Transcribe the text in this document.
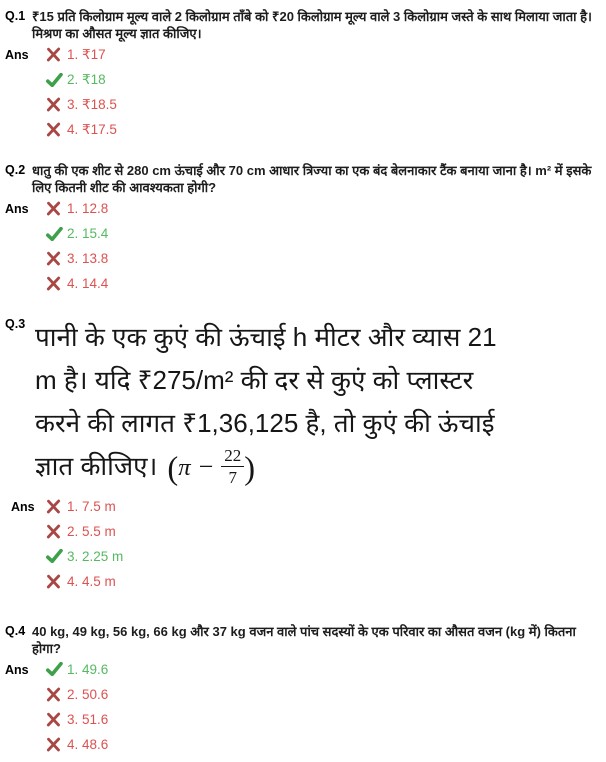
Q.1 ₹15 प्रति किलोग्राम मूल्य वाले 2 किलोग्राम ताँबे को ₹20 किलोग्राम मूल्य वाले 3 किलोग्राम जस्ते के साथ मिलाया जाता है। मिश्रण का औसत मूल्य ज्ञात कीजिए।
Ans	1. ₹17
2. ₹18
3. ₹18.5
4. ₹17.5
Q.2 धातु की एक शीट से 280 cm ऊंचाई और 70 cm आधार त्रिज्या का एक बंद बेलनाकार टैंक बनाया जाना है। m² में इसके लिए कितनी शीट की आवश्यकता होगी?
Ans	1. 12.8
2. 15.4
3. 13.8
4. 14.4
Q.3 पानी के एक कुएं की ऊंचाई h मीटर और व्यास 21
m है। यदि ₹275/m² की दर से कुएं को प्लास्टर
करने की लागत ₹1,36,125 है, तो कुएं की ऊंचाई
ज्ञात कीजिए। ($\pi - \frac{22}{7}$ )
Ans	1. 7.5 m
2. 5.5 m
3. 2.25 m
4. 4.5 m
Q.4 40 kg, 49 kg, 56 kg, 66 kg और 37 kg वजन वाले पांच सदस्यों के एक परिवार का औसत वजन (kg में) कितना होगा?
Ans	1. 49.6
2. 50.6
3. 51.6
4. 48.6
